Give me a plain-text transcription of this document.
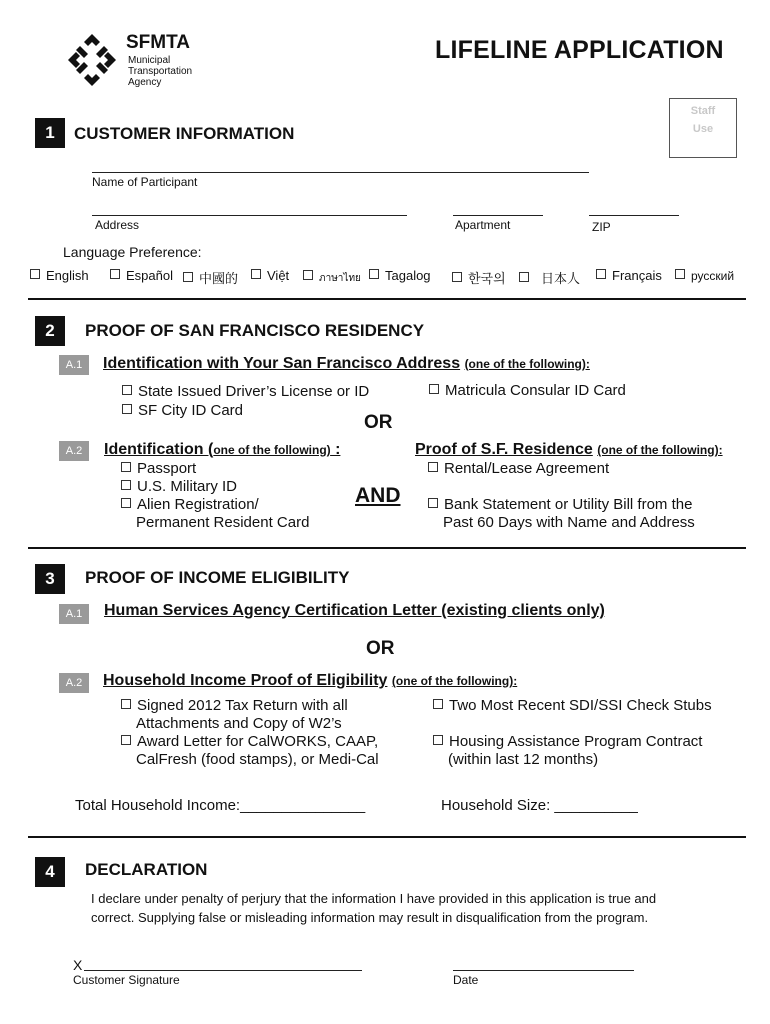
SFMTA
Municipal
Transportation
Agency
LIFELINE APPLICATION
Staff
Use
1	CUSTOMER INFORMATION
Name of Participant
Address	Apartment	ZIP
Language Preference:
English	Español	中國的	Việt	ภาษาไทย	Tagalog	한국의	日本人	Français	русский
2	PROOF OF SAN FRANCISCO RESIDENCY
A.1	Identification with Your San Francisco Address (one of the following):
State Issued Driver’s License or ID
SF City ID Card
Matricula Consular ID Card
OR
A.2	Identification (one of the following) :
Passport
U.S. Military ID
Alien Registration/
Permanent Resident Card
AND
Proof of S.F. Residence (one of the following):
Rental/Lease Agreement
Bank Statement or Utility Bill from the
Past 60 Days with Name and Address
3	PROOF OF INCOME ELIGIBILITY
A.1	Human Services Agency Certification Letter (existing clients only)
OR
A.2	Household Income Proof of Eligibility (one of the following):
Signed 2012 Tax Return with all
Attachments and Copy of W2’s
Award Letter for CalWORKS, CAAP,
CalFresh (food stamps), or Medi-Cal
Two Most Recent SDI/SSI Check Stubs
Housing Assistance Program Contract
(within last 12 months)
Total Household Income:_______________	Household Size: __________
4	DECLARATION
I declare under penalty of perjury that the information I have provided in this application is true and
correct. Supplying false or misleading information may result in disqualification from the program.
X
Customer Signature	Date
